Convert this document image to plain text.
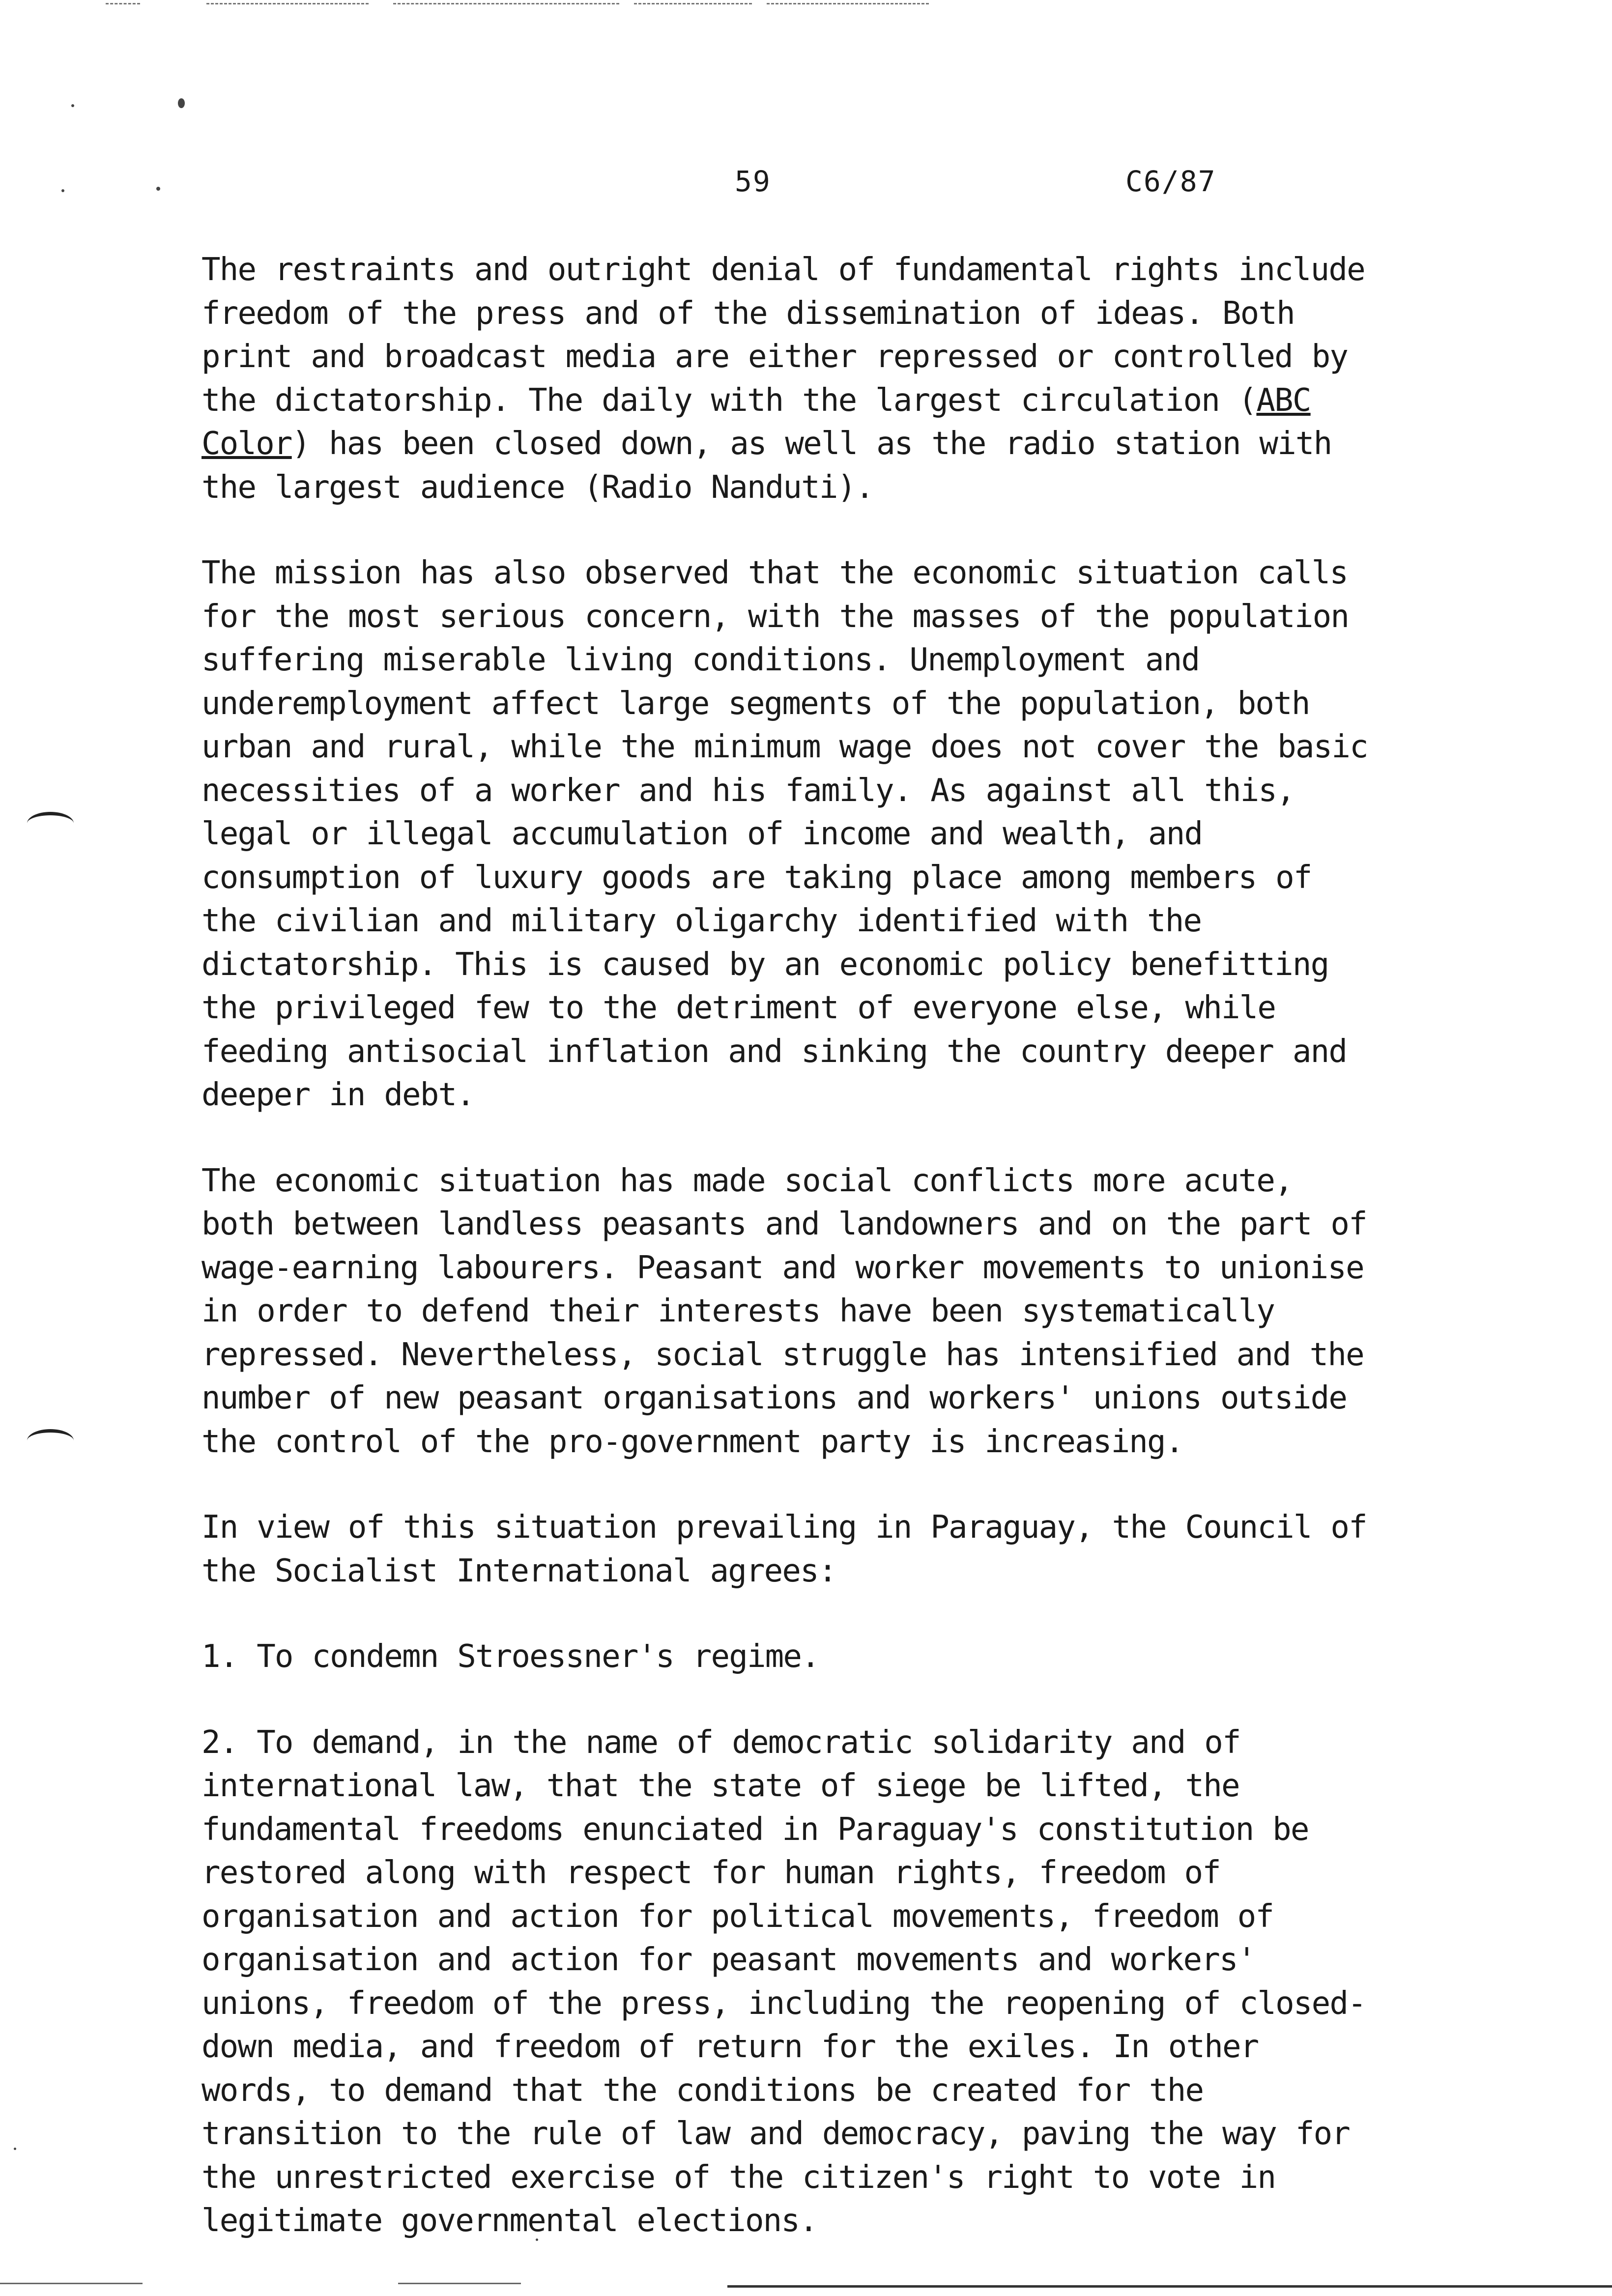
59	C6/87

The restraints and outright denial of fundamental rights include freedom of the press and of the dissemination of ideas. Both print and broadcast media are either repressed or controlled by the dictatorship. The daily with the largest circulation (ABC Color) has been closed down, as well as the radio station with the largest audience (Radio Nanduti).

The mission has also observed that the economic situation calls for the most serious concern, with the masses of the population suffering miserable living conditions. Unemployment and underemployment affect large segments of the population, both urban and rural, while the minimum wage does not cover the basic necessities of a worker and his family. As against all this, legal or illegal accumulation of income and wealth, and consumption of luxury goods are taking place among members of the civilian and military oligarchy identified with the dictatorship. This is caused by an economic policy benefitting the privileged few to the detriment of everyone else, while feeding antisocial inflation and sinking the country deeper and deeper in debt.

The economic situation has made social conflicts more acute, both between landless peasants and landowners and on the part of wage-earning labourers. Peasant and worker movements to unionise in order to defend their interests have been systematically repressed. Nevertheless, social struggle has intensified and the number of new peasant organisations and workers' unions outside the control of the pro-government party is increasing.

In view of this situation prevailing in Paraguay, the Council of the Socialist International agrees:

1. To condemn Stroessner's regime.

2. To demand, in the name of democratic solidarity and of international law, that the state of siege be lifted, the fundamental freedoms enunciated in Paraguay's constitution be restored along with respect for human rights, freedom of organisation and action for political movements, freedom of organisation and action for peasant movements and workers' unions, freedom of the press, including the reopening of closed-down media, and freedom of return for the exiles. In other words, to demand that the conditions be created for the transition to the rule of law and democracy, paving the way for the unrestricted exercise of the citizen's right to vote in legitimate governmental elections.
